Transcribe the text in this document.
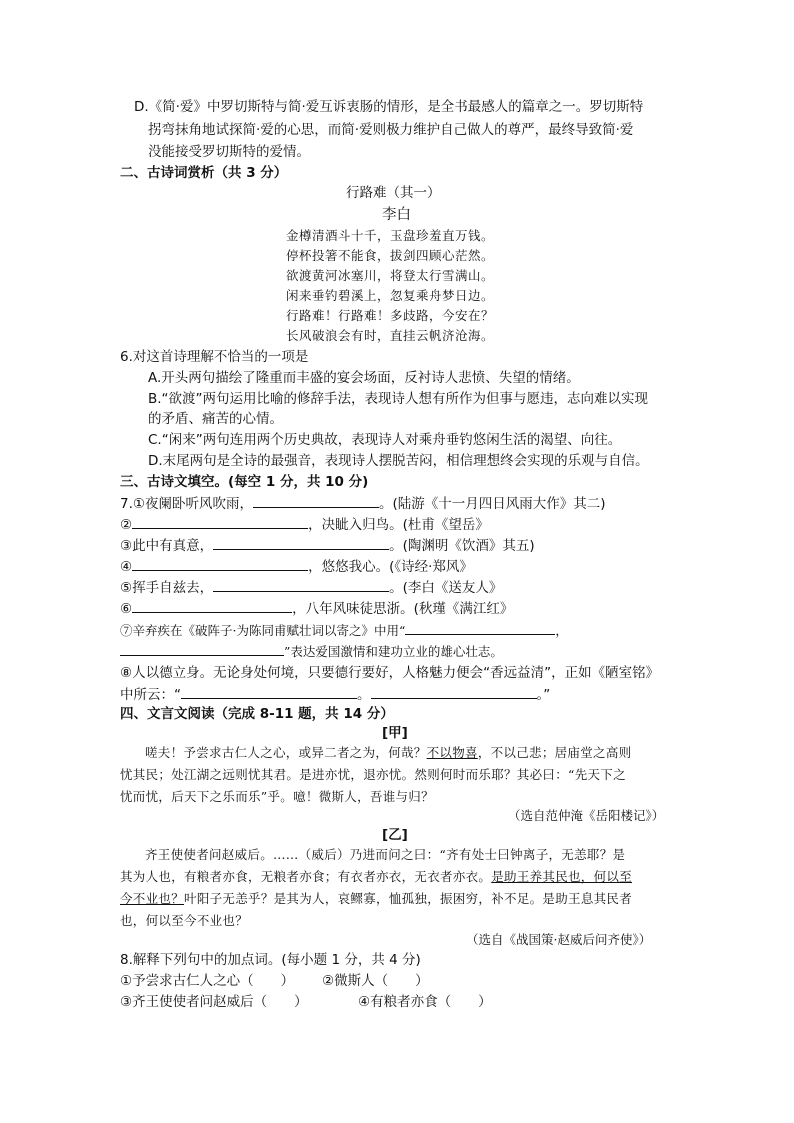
D.《简·爱》中罗切斯特与简·爱互诉衷肠的情形，是全书最感人的篇章之一。罗切斯特
拐弯抹角地试探简·爱的心思，而简·爱则极力维护自己做人的尊严，最终导致简·爱
没能接受罗切斯特的爱情。
二、古诗词赏析（共 3 分）
行路难（其一）
李白
金樽清酒斗十千，玉盘珍羞直万钱。
停杯投箸不能食，拔剑四顾心茫然。
欲渡黄河冰塞川，将登太行雪满山。
闲来垂钓碧溪上，忽复乘舟梦日边。
行路难！行路难！多歧路，今安在？
长风破浪会有时，直挂云帆济沧海。
6.对这首诗理解不恰当的一项是
A.开头两句描绘了隆重而丰盛的宴会场面，反衬诗人悲愤、失望的情绪。
B.“欲渡”两句运用比喻的修辞手法，表现诗人想有所作为但事与愿违，志向难以实现
的矛盾、痛苦的心情。
C.“闲来”两句连用两个历史典故，表现诗人对乘舟垂钓悠闲生活的渴望、向往。
D.末尾两句是全诗的最强音，表现诗人摆脱苦闷，相信理想终会实现的乐观与自信。
三、古诗文填空。(每空 1 分，共 10 分)
7.①夜阑卧听风吹雨，	。(陆游《十一月四日风雨大作》其二)
②	，决眦入归鸟。(杜甫《望岳》
③此中有真意，	。(陶渊明《饮酒》其五)
④	，悠悠我心。(《诗经·郑风》
⑤挥手自兹去，	。(李白《送友人》
⑥	，八年风味徒思浙。(秋瑾《满江红》
⑦辛弃疾在《破阵子·为陈同甫赋壮词以寄之》中用“	，
”表达爱国激情和建功立业的雄心壮志。
⑧人以德立身。无论身处何境，只要德行要好，人格魅力便会“香远益清”，正如《陋室铭》
中所云：“	。	。”
四、文言文阅读（完成 8-11 题，共 14 分）
[甲]
嗟夫！予尝求古仁人之心，或异二者之为，何哉？不以物喜，不以己悲；居庙堂之高则
忧其民；处江湖之远则忧其君。是进亦忧，退亦忧。然则何时而乐耶？其必曰：“先天下之
忧而忧，后天下之乐而乐”乎。噫！微斯人，吾谁与归？
（选自范仲淹《岳阳楼记》）
[乙]
齐王使使者问赵威后。……（威后）乃进而问之曰：“齐有处士曰钟离子，无恙耶？是
其为人也，有粮者亦食，无粮者亦食；有衣者亦衣，无衣者亦衣。是助王养其民也，何以至
今不业也？叶阳子无恙乎？是其为人，哀鳏寡，恤孤独，振困穷，补不足。是助王息其民者
也，何以至今不业也？
（选自《战国策·赵威后问齐使》）
8.解释下列句中的加点词。(每小题 1 分，共 4 分)
①予尝求古仁人之心（　　） ②微斯人（　　）
③齐王使使者问赵威后（　　）	④有粮者亦食（　　）
